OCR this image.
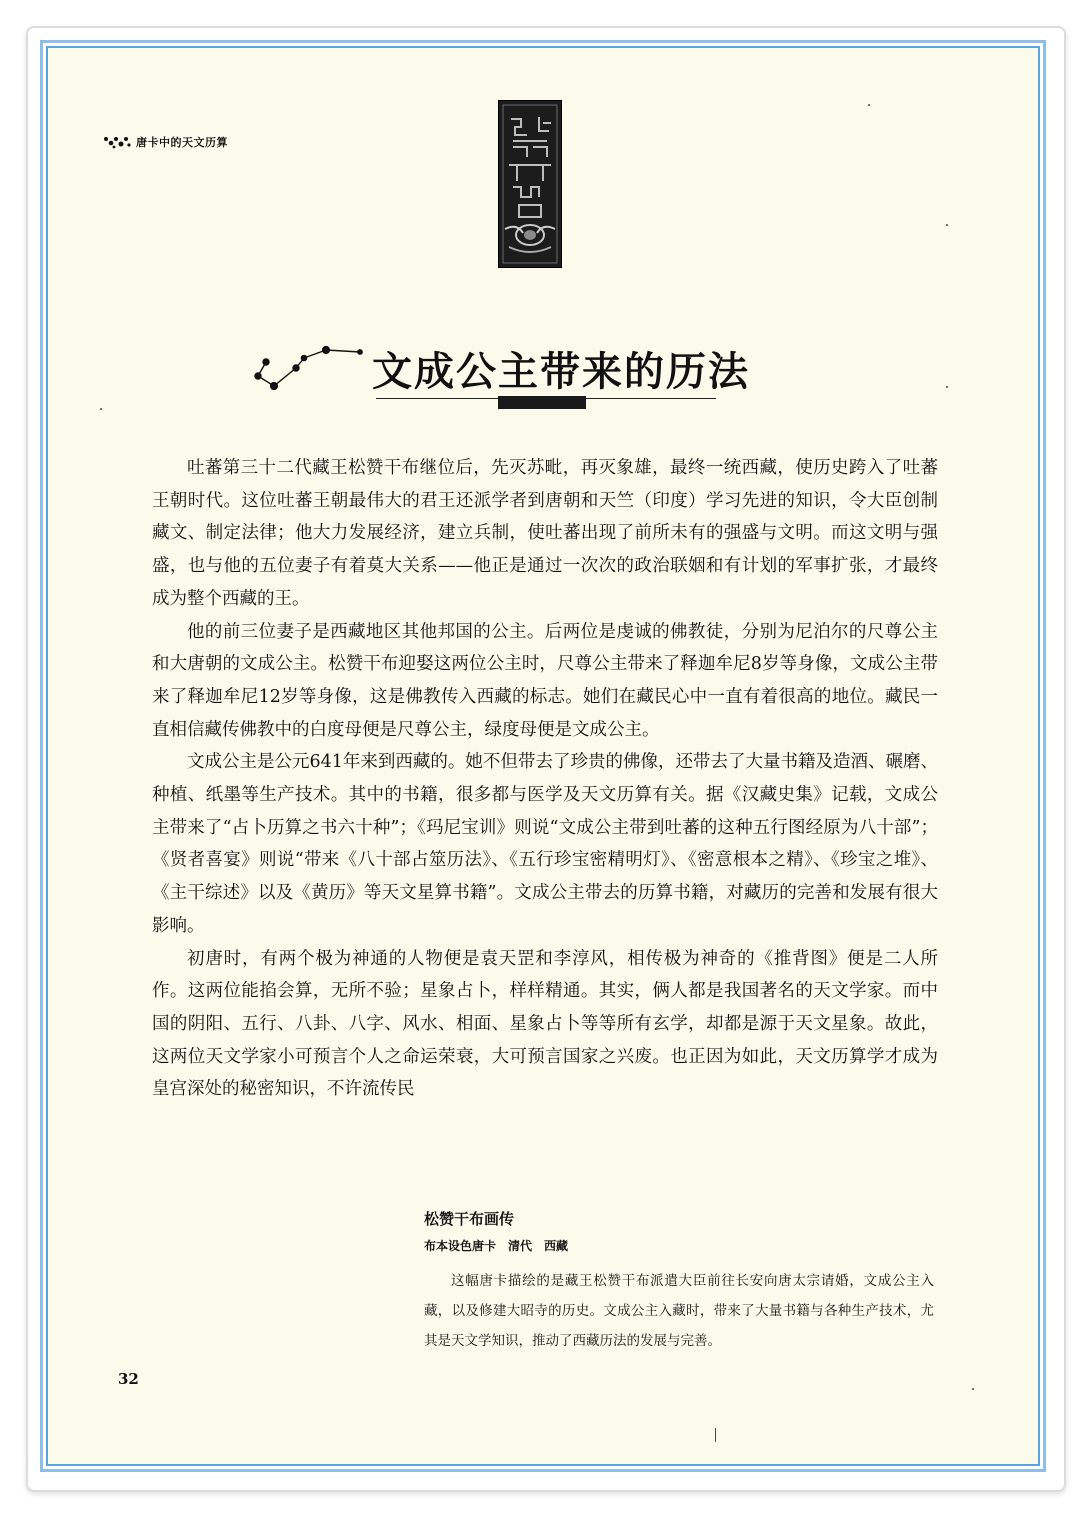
唐卡中的天文历算
文成公主带来的历法

吐蕃第三十二代藏王松赞干布继位后，先灭苏毗，再灭象雄，最终一统西藏，使历史跨入了吐蕃王朝时代。这位吐蕃王朝最伟大的君王还派学者到唐朝和天竺（印度）学习先进的知识，令大臣创制藏文、制定法律；他大力发展经济，建立兵制，使吐蕃出现了前所未有的强盛与文明。而这文明与强盛，也与他的五位妻子有着莫大关系——他正是通过一次次的政治联姻和有计划的军事扩张，才最终成为整个西藏的王。

他的前三位妻子是西藏地区其他邦国的公主。后两位是虔诚的佛教徒，分别为尼泊尔的尺尊公主和大唐朝的文成公主。松赞干布迎娶这两位公主时，尺尊公主带来了释迦牟尼8岁等身像，文成公主带来了释迦牟尼12岁等身像，这是佛教传入西藏的标志。她们在藏民心中一直有着很高的地位。藏民一直相信藏传佛教中的白度母便是尺尊公主，绿度母便是文成公主。

文成公主是公元641年来到西藏的。她不但带去了珍贵的佛像，还带去了大量书籍及造酒、碾磨、种植、纸墨等生产技术。其中的书籍，很多都与医学及天文历算有关。据《汉藏史集》记载，文成公主带来了“占卜历算之书六十种”；《玛尼宝训》则说“文成公主带到吐蕃的这种五行图经原为八十部”；《贤者喜宴》则说“带来《八十部占筮历法》、《五行珍宝密精明灯》、《密意根本之精》、《珍宝之堆》、《主干综述》以及《黄历》等天文星算书籍”。文成公主带去的历算书籍，对藏历的完善和发展有很大影响。

初唐时，有两个极为神通的人物便是袁天罡和李淳风，相传极为神奇的《推背图》便是二人所作。这两位能掐会算，无所不验；星象占卜，样样精通。其实，俩人都是我国著名的天文学家。而中国的阴阳、五行、八卦、八字、风水、相面、星象占卜等等所有玄学，却都是源于天文星象。故此，这两位天文学家小可预言个人之命运荣衰，大可预言国家之兴废。也正因为如此，天文历算学才成为皇宫深处的秘密知识，不许流传民

松赞干布画传

布本设色唐卡　清代　西藏

这幅唐卡描绘的是藏王松赞干布派遣大臣前往长安向唐太宗请婚，文成公主入藏，以及修建大昭寺的历史。文成公主入藏时，带来了大量书籍与各种生产技术，尤其是天文学知识，推动了西藏历法的发展与完善。

32
